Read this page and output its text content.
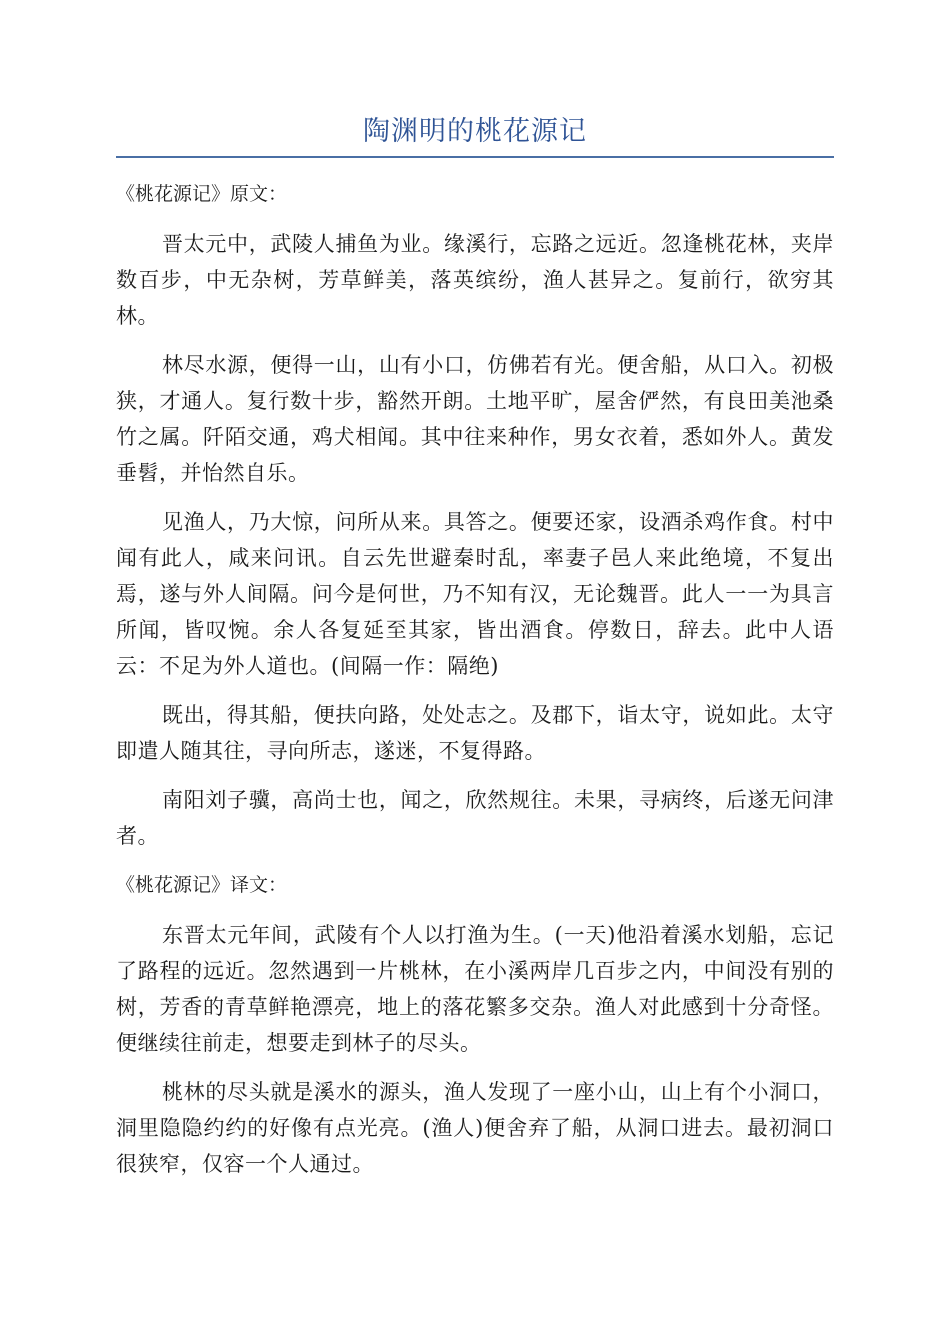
陶渊明的桃花源记

《桃花源记》原文：

晋太元中，武陵人捕鱼为业。缘溪行，忘路之远近。忽逢桃花林，夹岸数百步，中无杂树，芳草鲜美，落英缤纷，渔人甚异之。复前行，欲穷其林。

林尽水源，便得一山，山有小口，仿佛若有光。便舍船，从口入。初极狭，才通人。复行数十步，豁然开朗。土地平旷，屋舍俨然，有良田美池桑竹之属。阡陌交通，鸡犬相闻。其中往来种作，男女衣着，悉如外人。黄发垂髫，并怡然自乐。

见渔人，乃大惊，问所从来。具答之。便要还家，设酒杀鸡作食。村中闻有此人，咸来问讯。自云先世避秦时乱，率妻子邑人来此绝境，不复出焉，遂与外人间隔。问今是何世，乃不知有汉，无论魏晋。此人一一为具言所闻，皆叹惋。余人各复延至其家，皆出酒食。停数日，辞去。此中人语云：不足为外人道也。(间隔一作：隔绝)

既出，得其船，便扶向路，处处志之。及郡下，诣太守，说如此。太守即遣人随其往，寻向所志，遂迷，不复得路。

南阳刘子骥，高尚士也，闻之，欣然规往。未果，寻病终，后遂无问津者。

《桃花源记》译文：

东晋太元年间，武陵有个人以打渔为生。(一天)他沿着溪水划船，忘记了路程的远近。忽然遇到一片桃林，在小溪两岸几百步之内，中间没有别的树，芳香的青草鲜艳漂亮，地上的落花繁多交杂。渔人对此感到十分奇怪。便继续往前走，想要走到林子的尽头。

桃林的尽头就是溪水的源头，渔人发现了一座小山，山上有个小洞口，洞里隐隐约约的好像有点光亮。(渔人)便舍弃了船，从洞口进去。最初洞口很狭窄，仅容一个人通过。
